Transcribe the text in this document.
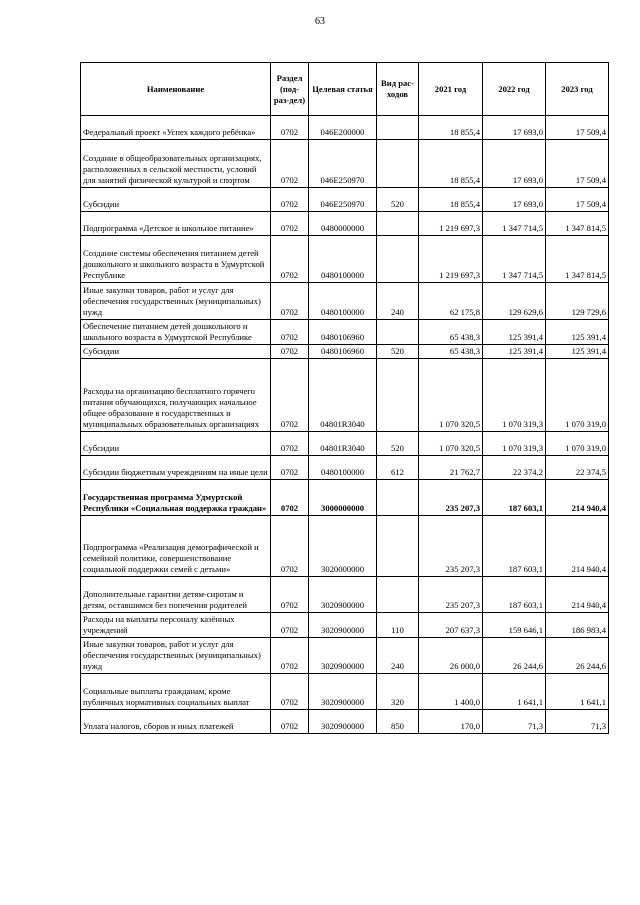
63
Наименование	Раздел (под-раз-дел)	Целевая статья	Вид рас-ходов	2021 год	2022 год	2023 год
Федеральный проект «Успех каждого ребёнка»	0702	046E200000		18 855,4	17 693,0	17 509,4
Создание в общеобразовательных организациях, расположенных в сельской местности, условий для занятий физической культурой и спортом	0702	046E250970		18 855,4	17 693,0	17 509,4
Субсидии	0702	046E250970	520	18 855,4	17 693,0	17 509,4
Подпрограмма «Детское и школьное питание»	0702	0480000000		1 219 697,3	1 347 714,5	1 347 814,5
Создание системы обеспечения питанием детей дошкольного и школьного возраста в Удмуртской Республике	0702	0480100000		1 219 697,3	1 347 714,5	1 347 814,5
Иные закупки товаров, работ и услуг для обеспечения государственных (муниципальных) нужд	0702	0480100000	240	62 175,8	129 629,6	129 729,6
Обеспечение питанием детей дошкольного и школьного возраста в Удмуртской Республике	0702	0480106960		65 438,3	125 391,4	125 391,4
Субсидии	0702	0480106960	520	65 438,3	125 391,4	125 391,4
Расходы на организацию бесплатного горячего питания обучающихся, получающих начальное общее образование в государственных и муниципальных образовательных организациях	0702	04801R3040		1 070 320,5	1 070 319,3	1 070 319,0
Субсидии	0702	04801R3040	520	1 070 320,5	1 070 319,3	1 070 319,0
Субсидии бюджетным учреждениям на иные цели	0702	0480100000	612	21 762,7	22 374,2	22 374,5
Государственная программа Удмуртской Республики «Социальная поддержка граждан»	0702	3000000000		235 207,3	187 603,1	214 940,4
Подпрограмма «Реализация демографической и семейной политики, совершенствование социальной поддержки семей с детьми»	0702	3020000000		235 207,3	187 603,1	214 940,4
Дополнительные гарантии детям-сиротам и детям, оставшимся без попечения родителей	0702	3020900000		235 207,3	187 603,1	214 940,4
Расходы на выплаты персоналу казённых учреждений	0702	3020900000	110	207 637,3	159 646,1	186 983,4
Иные закупки товаров, работ и услуг для обеспечения государственных (муниципальных) нужд	0702	3020900000	240	26 000,0	26 244,6	26 244,6
Социальные выплаты гражданам, кроме публичных нормативных социальных выплат	0702	3020900000	320	1 400,0	1 641,1	1 641,1
Уплата налогов, сборов и иных платежей	0702	3020900000	850	170,0	71,3	71,3
